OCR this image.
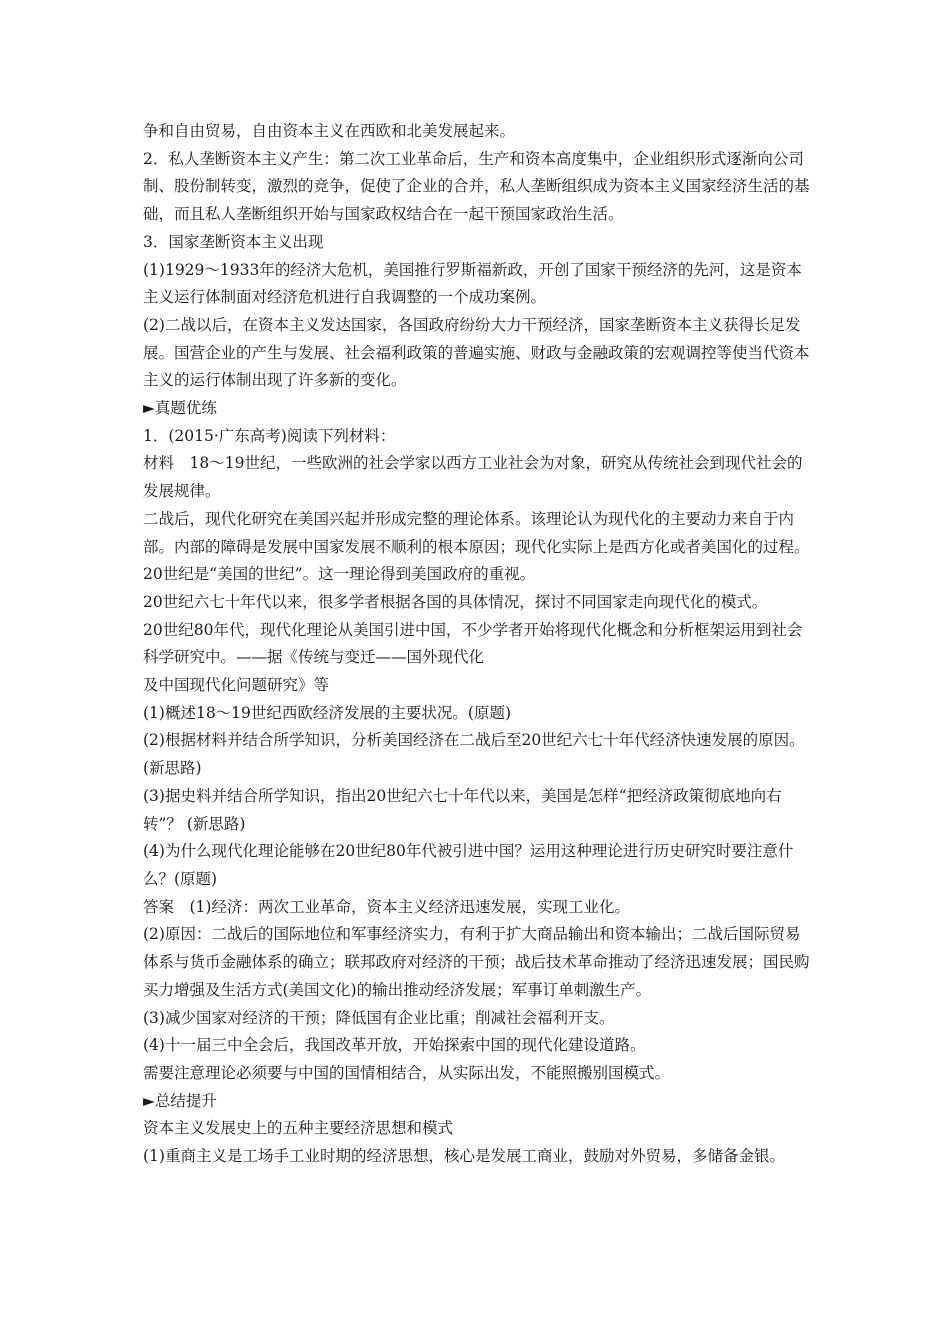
争和自由贸易，自由资本主义在西欧和北美发展起来。

2．私人垄断资本主义产生：第二次工业革命后，生产和资本高度集中，企业组织形式逐渐向公司制、股份制转变，激烈的竞争，促使了企业的合并，私人垄断组织成为资本主义国家经济生活的基础，而且私人垄断组织开始与国家政权结合在一起干预国家政治生活。

3．国家垄断资本主义出现

(1)1929～1933年的经济大危机，美国推行罗斯福新政，开创了国家干预经济的先河，这是资本主义运行体制面对经济危机进行自我调整的一个成功案例。

(2)二战以后，在资本主义发达国家，各国政府纷纷大力干预经济，国家垄断资本主义获得长足发展。国营企业的产生与发展、社会福利政策的普遍实施、财政与金融政策的宏观调控等使当代资本主义的运行体制出现了许多新的变化。

►真题优练

1．(2015·广东高考)阅读下列材料：

材料　18～19世纪，一些欧洲的社会学家以西方工业社会为对象，研究从传统社会到现代社会的发展规律。

二战后，现代化研究在美国兴起并形成完整的理论体系。该理论认为现代化的主要动力来自于内部。内部的障碍是发展中国家发展不顺利的根本原因；现代化实际上是西方化或者美国化的过程。20世纪是“美国的世纪”。这一理论得到美国政府的重视。

20世纪六七十年代以来，很多学者根据各国的具体情况，探讨不同国家走向现代化的模式。

20世纪80年代，现代化理论从美国引进中国，不少学者开始将现代化概念和分析框架运用到社会科学研究中。——据《传统与变迁——国外现代化

及中国现代化问题研究》等

(1)概述18～19世纪西欧经济发展的主要状况。(原题)

(2)根据材料并结合所学知识，分析美国经济在二战后至20世纪六七十年代经济快速发展的原因。(新思路)

(3)据史料并结合所学知识，指出20世纪六七十年代以来，美国是怎样“把经济政策彻底地向右转”？ (新思路)

(4)为什么现代化理论能够在20世纪80年代被引进中国？运用这种理论进行历史研究时要注意什么？(原题)

答案　(1)经济：两次工业革命，资本主义经济迅速发展，实现工业化。

(2)原因：二战后的国际地位和军事经济实力，有利于扩大商品输出和资本输出；二战后国际贸易体系与货币金融体系的确立；联邦政府对经济的干预；战后技术革命推动了经济迅速发展；国民购买力增强及生活方式(美国文化)的输出推动经济发展；军事订单刺激生产。

(3)减少国家对经济的干预；降低国有企业比重；削减社会福利开支。

(4)十一届三中全会后，我国改革开放，开始探索中国的现代化建设道路。

需要注意理论必须要与中国的国情相结合，从实际出发，不能照搬别国模式。

►总结提升

资本主义发展史上的五种主要经济思想和模式

(1)重商主义是工场手工业时期的经济思想，核心是发展工商业，鼓励对外贸易，多储备金银。
